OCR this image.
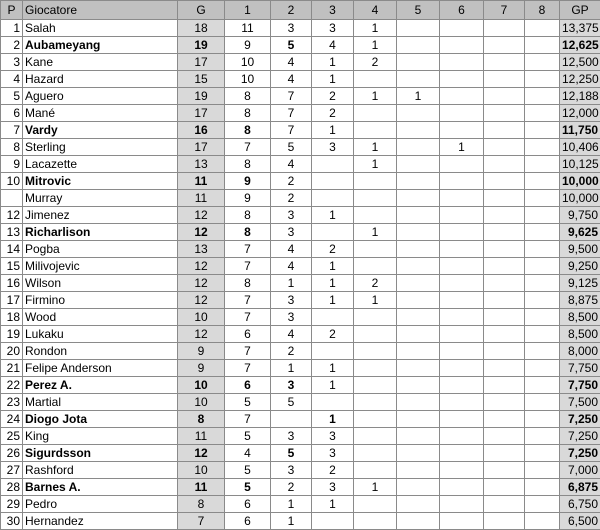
P	Giocatore	G	1	2	3	4	5	6	7	8	GP
1	Salah	18	11	3	3	1					13,375
2	Aubameyang	19	9	5	4	1					12,625
3	Kane	17	10	4	1	2					12,500
4	Hazard	15	10	4	1						12,250
5	Aguero	19	8	7	2	1	1				12,188
6	Mané	17	8	7	2						12,000
7	Vardy	16	8	7	1						11,750
8	Sterling	17	7	5	3	1		1			10,406
9	Lacazette	13	8	4		1					10,125
10	Mitrovic	11	9	2							10,000
	Murray	11	9	2							10,000
12	Jimenez	12	8	3	1						9,750
13	Richarlison	12	8	3		1					9,625
14	Pogba	13	7	4	2						9,500
15	Milivojevic	12	7	4	1						9,250
16	Wilson	12	8	1	1	2					9,125
17	Firmino	12	7	3	1	1					8,875
18	Wood	10	7	3							8,500
19	Lukaku	12	6	4	2						8,500
20	Rondon	9	7	2							8,000
21	Felipe Anderson	9	7	1	1						7,750
22	Perez A.	10	6	3	1						7,750
23	Martial	10	5	5							7,500
24	Diogo Jota	8	7		1						7,250
25	King	11	5	3	3						7,250
26	Sigurdsson	12	4	5	3						7,250
27	Rashford	10	5	3	2						7,000
28	Barnes A.	11	5	2	3	1					6,875
29	Pedro	8	6	1	1						6,750
30	Hernandez	7	6	1							6,500
